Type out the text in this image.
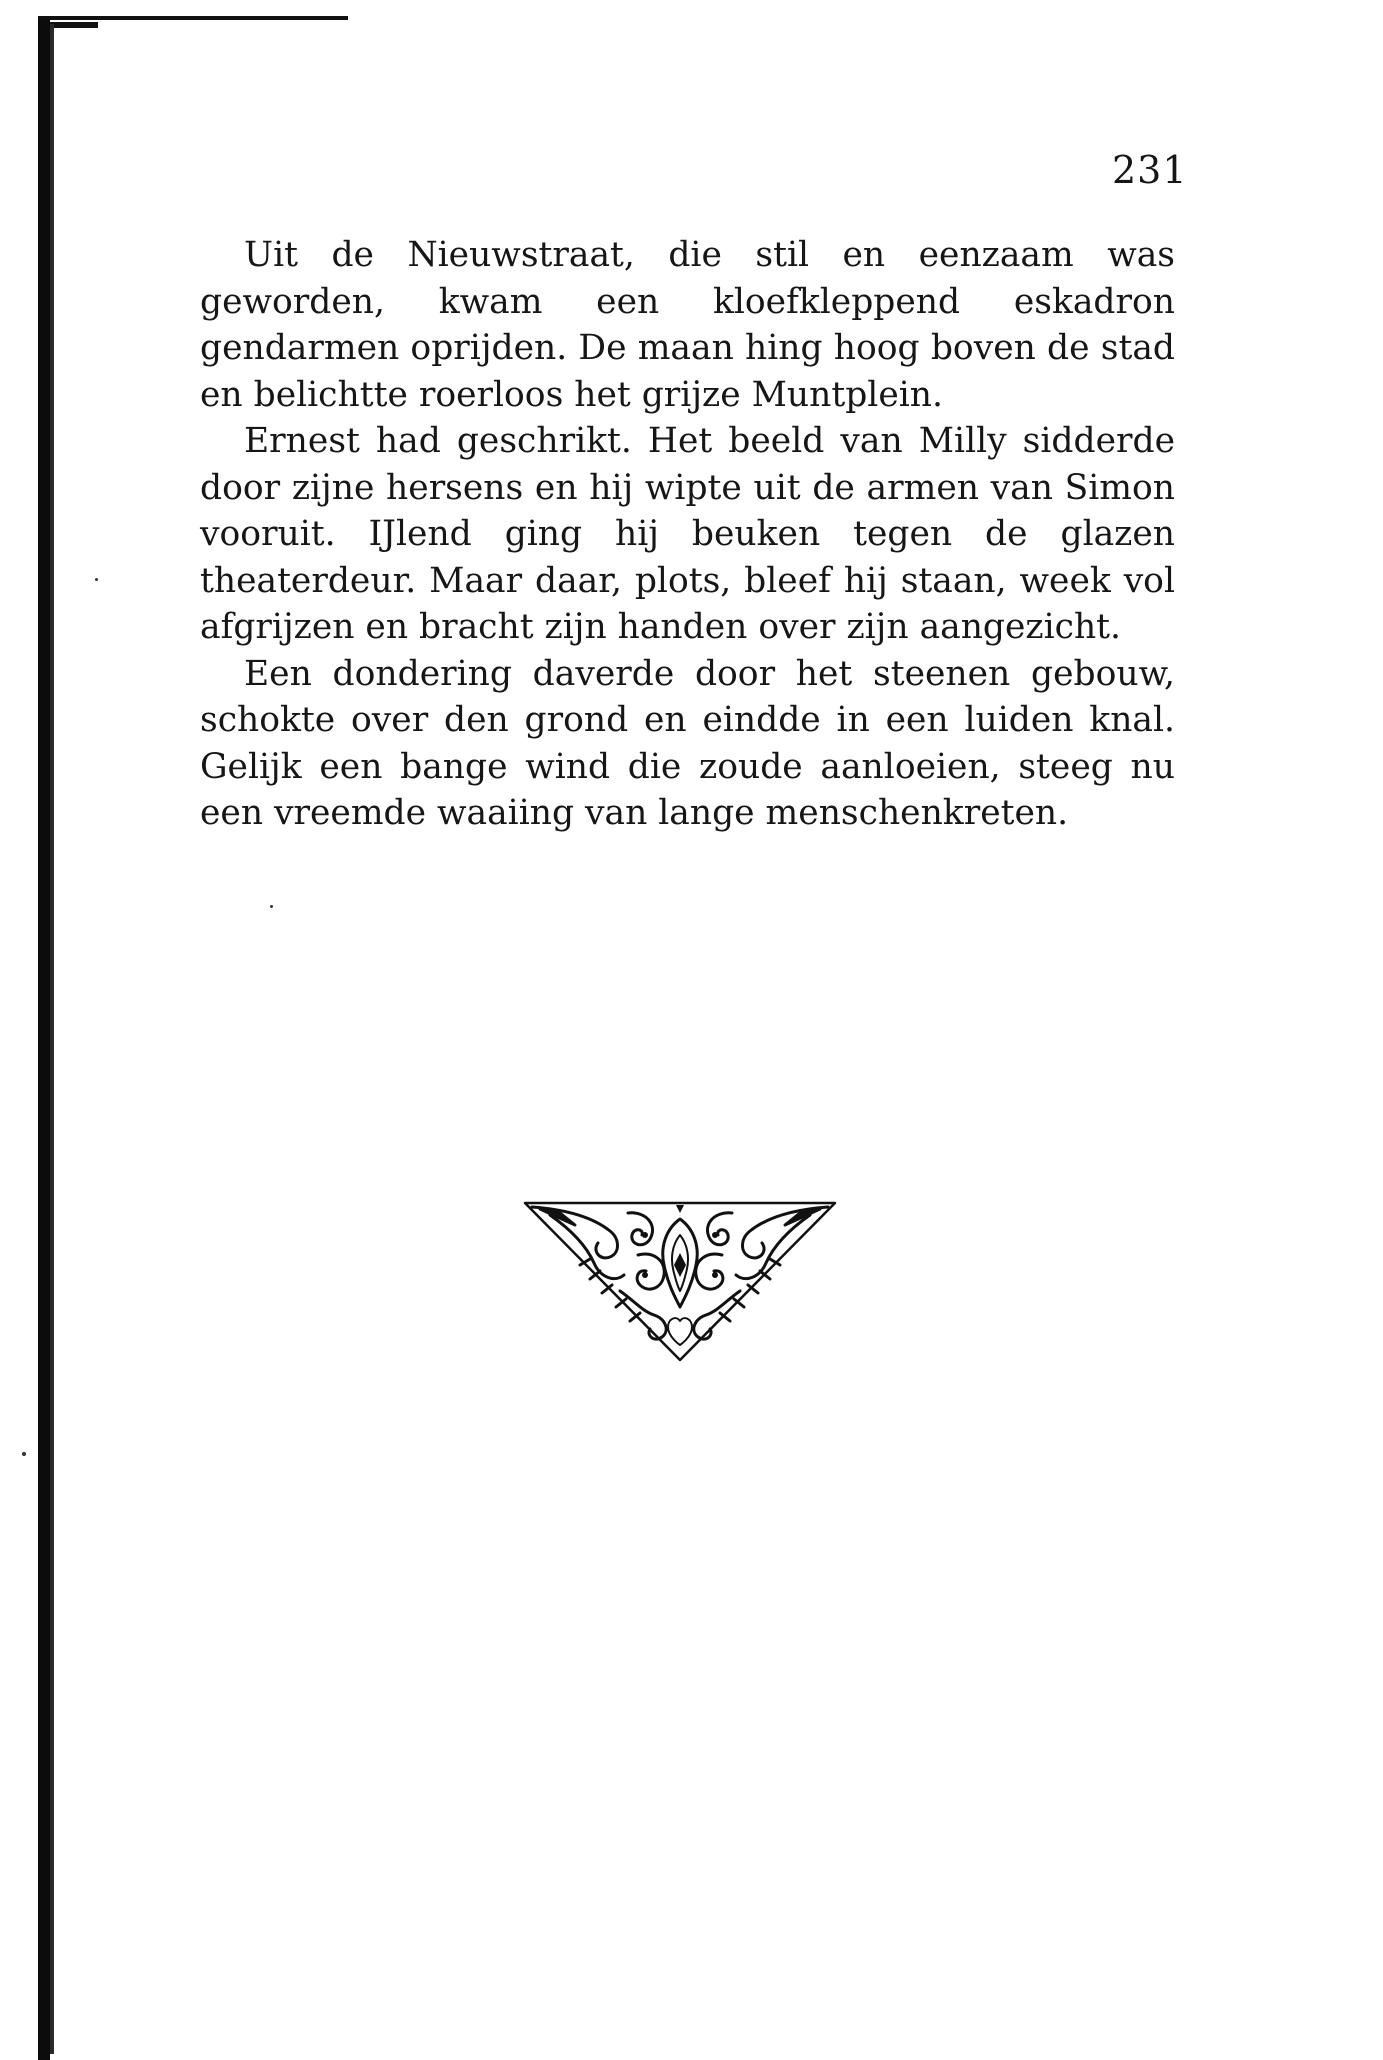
231

Uit de Nieuwstraat, die stil en eenzaam was geworden, kwam een kloefkleppend eskadron gendarmen oprijden. De maan hing hoog boven de stad en belichtte roerloos het grijze Muntplein.

Ernest had geschrikt. Het beeld van Milly sidderde door zijne hersens en hij wipte uit de armen van Simon vooruit. IJlend ging hij beuken tegen de glazen theaterdeur. Maar daar, plots, bleef hij staan, week vol afgrijzen en bracht zijn handen over zijn aangezicht.

Een dondering daverde door het steenen gebouw, schokte over den grond en eindde in een luiden knal. Gelijk een bange wind die zoude aanloeien, steeg nu een vreemde waaiing van lange menschenkreten.
